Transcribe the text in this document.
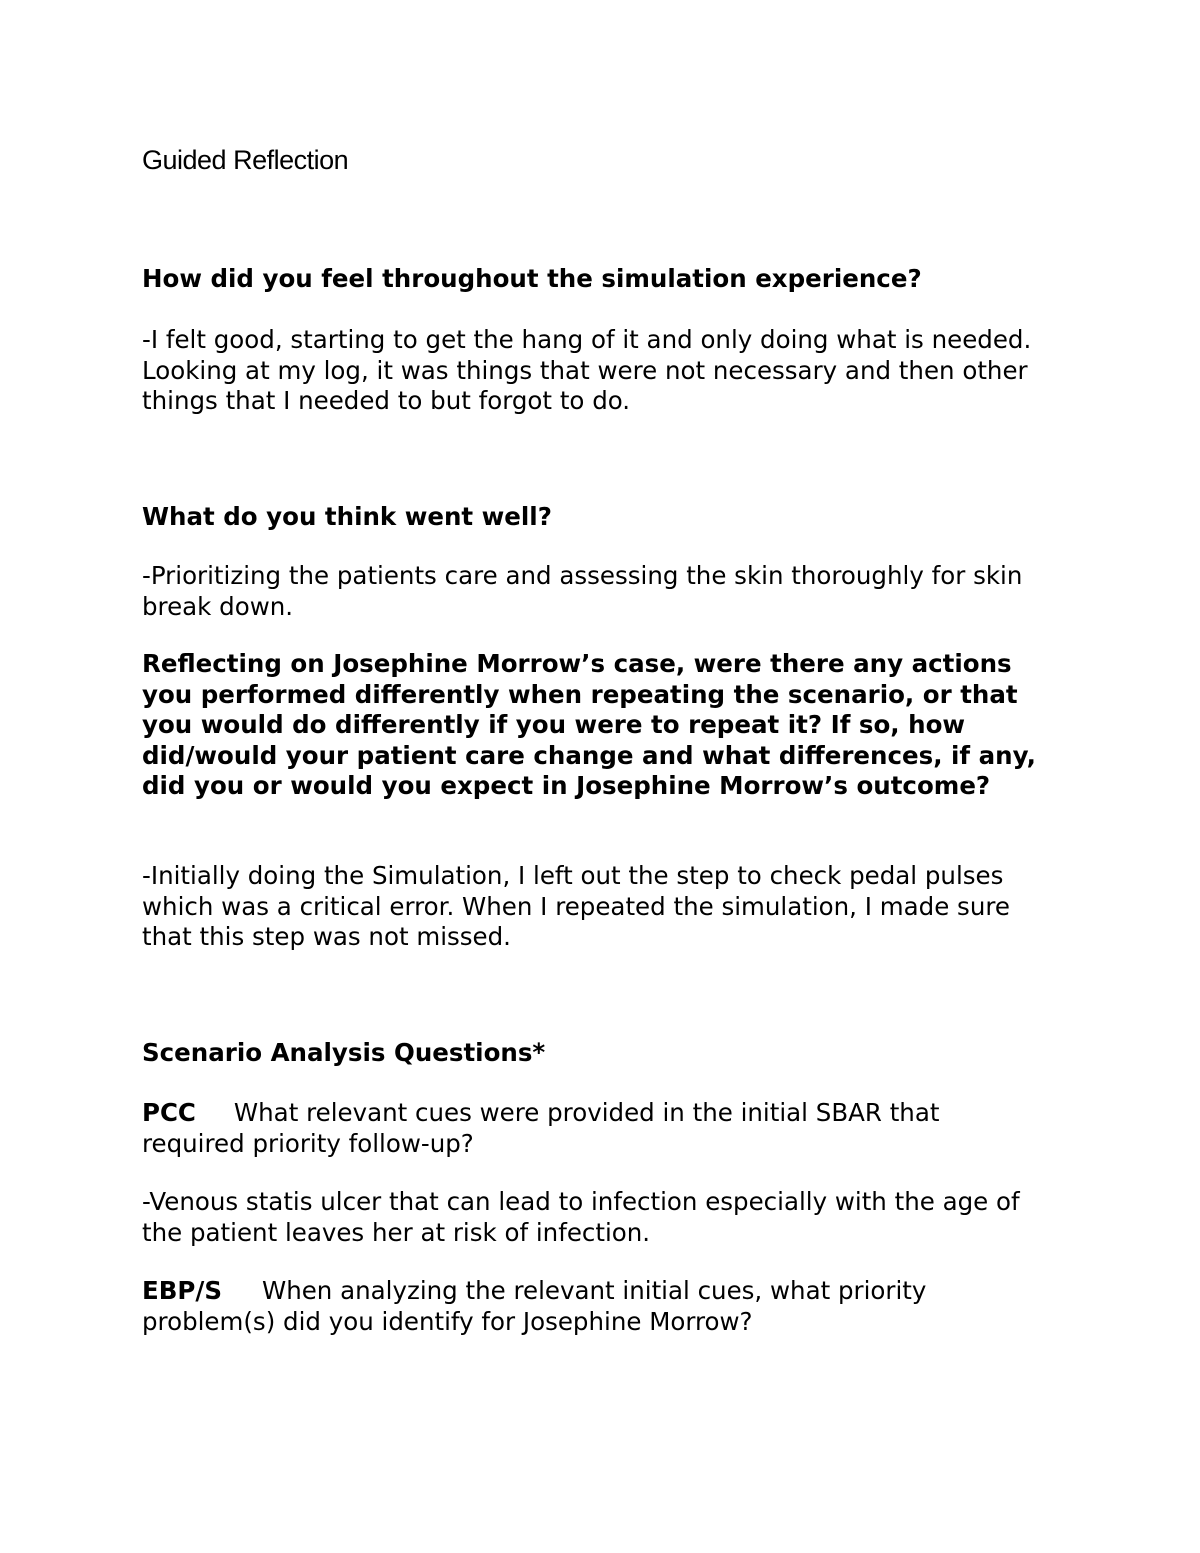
Guided Reflection

How did you feel throughout the simulation experience?

-I felt good, starting to get the hang of it and only doing what is needed. Looking at my log, it was things that were not necessary and then other things that I needed to but forgot to do.

What do you think went well?

-Prioritizing the patients care and assessing the skin thoroughly for skin break down.

Reflecting on Josephine Morrow’s case, were there any actions you performed differently when repeating the scenario, or that you would do differently if you were to repeat it? If so, how did/would your patient care change and what differences, if any, did you or would you expect in Josephine Morrow’s outcome?

-Initially doing the Simulation, I left out the step to check pedal pulses which was a critical error. When I repeated the simulation, I made sure that this step was not missed.

Scenario Analysis Questions*

PCC What relevant cues were provided in the initial SBAR that required priority follow-up?

-Venous statis ulcer that can lead to infection especially with the age of the patient leaves her at risk of infection.

EBP/S When analyzing the relevant initial cues, what priority problem(s) did you identify for Josephine Morrow?
